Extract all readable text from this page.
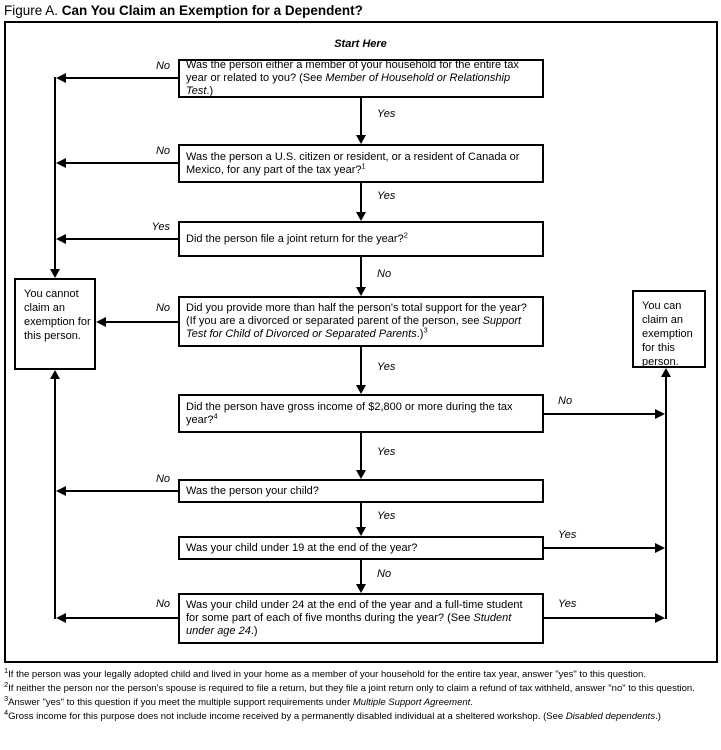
Figure A. Can You Claim an Exemption for a Dependent?
Start Here
Was the person either a member of your household for the entire tax year or related to you? (See Member of Household or Relationship Test.)
Was the person a U.S. citizen or resident, or a resident of Canada or Mexico, for any part of the tax year?$^1$
Did the person file a joint return for the year?$^2$
Did you provide more than half the person's total support for the year? (If you are a divorced or separated parent of the person, see Support Test for Child of Divorced or Separated Parents.)$^3$
Did the person have gross income of $2,800 or more during the tax year?$^4$
Was the person your child?
Was your child under 19 at the end of the year?
Was your child under 24 at the end of the year and a full-time student for some part of each of five months during the year? (See Student under age 24.)
You cannot claim an exemption for this person.
You can claim an exemption for this person.
No
No
Yes
No
No
No
Yes
Yes
No
Yes
Yes
Yes
No
No
Yes
Yes
$^1$If the person was your legally adopted child and lived in your home as a member of your household for the entire tax year, answer "yes" to this question.
$^2$If neither the person nor the person's spouse is required to file a return, but they file a joint return only to claim a refund of tax withheld, answer "no" to this question.
$^3$Answer "yes" to this question if you meet the multiple support requirements under Multiple Support Agreement.
$^4$Gross income for this purpose does not include income received by a permanently disabled individual at a sheltered workshop. (See Disabled dependents.)
